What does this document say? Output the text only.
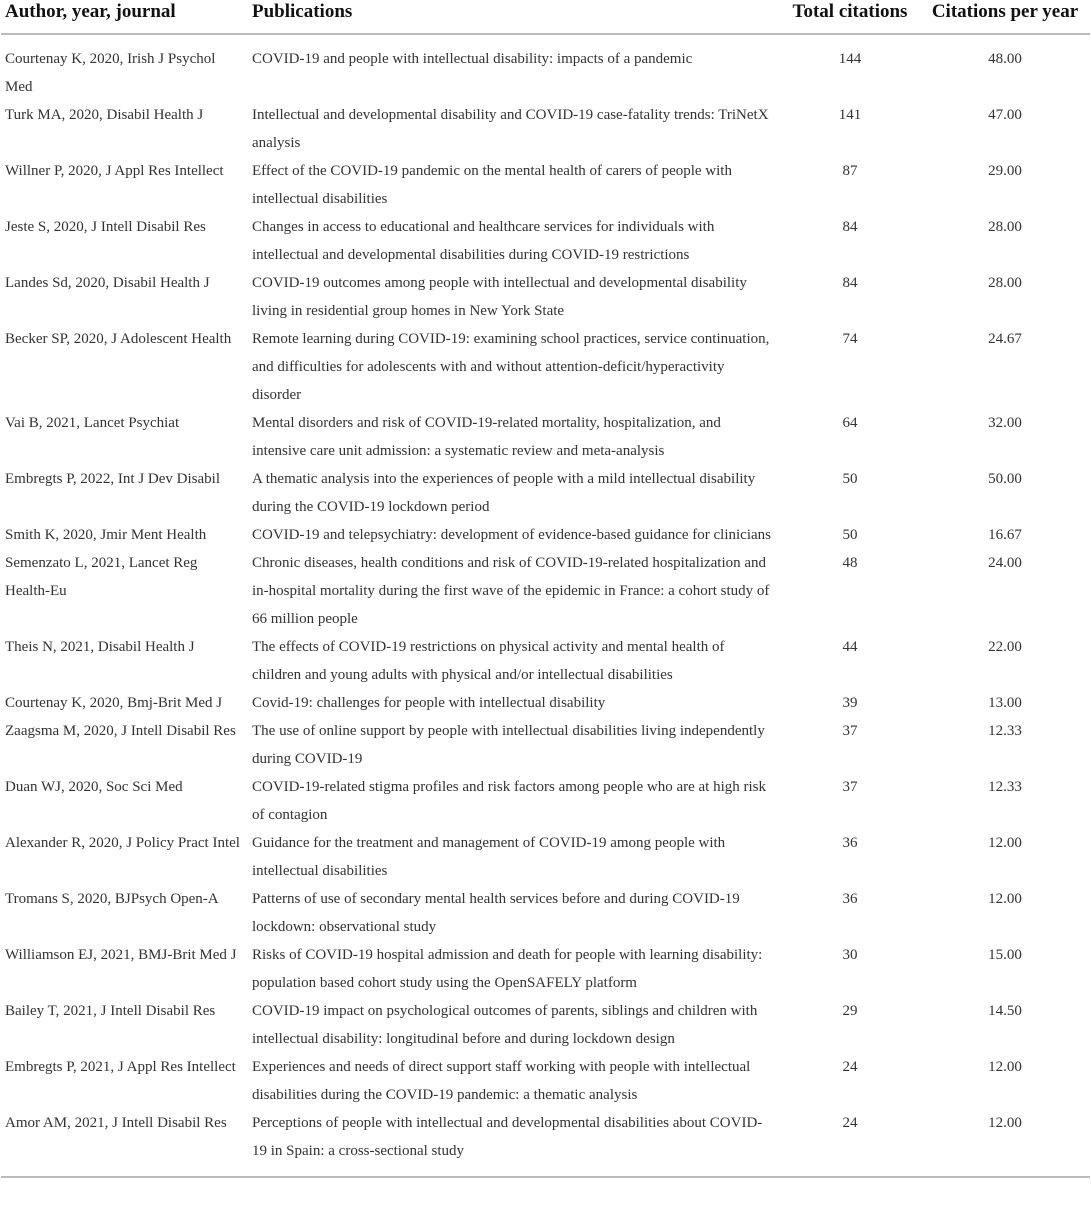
Author, year, journal	Publications	Total citations	Citations per year
Courtenay K, 2020, Irish J Psychol Med	COVID-19 and people with intellectual disability: impacts of a pandemic	144	48.00
Turk MA, 2020, Disabil Health J	Intellectual and developmental disability and COVID-19 case-fatality trends: TriNetX analysis	141	47.00
Willner P, 2020, J Appl Res Intellect	Effect of the COVID-19 pandemic on the mental health of carers of people with intellectual disabilities	87	29.00
Jeste S, 2020, J Intell Disabil Res	Changes in access to educational and healthcare services for individuals with intellectual and developmental disabilities during COVID-19 restrictions	84	28.00
Landes Sd, 2020, Disabil Health J	COVID-19 outcomes among people with intellectual and developmental disability living in residential group homes in New York State	84	28.00
Becker SP, 2020, J Adolescent Health	Remote learning during COVID-19: examining school practices, service continuation, and difficulties for adolescents with and without attention-deficit/hyperactivity disorder	74	24.67
Vai B, 2021, Lancet Psychiat	Mental disorders and risk of COVID-19-related mortality, hospitalization, and intensive care unit admission: a systematic review and meta-analysis	64	32.00
Embregts P, 2022, Int J Dev Disabil	A thematic analysis into the experiences of people with a mild intellectual disability during the COVID-19 lockdown period	50	50.00
Smith K, 2020, Jmir Ment Health	COVID-19 and telepsychiatry: development of evidence-based guidance for clinicians	50	16.67
Semenzato L, 2021, Lancet Reg Health-Eu	Chronic diseases, health conditions and risk of COVID-19-related hospitalization and in-hospital mortality during the first wave of the epidemic in France: a cohort study of 66 million people	48	24.00
Theis N, 2021, Disabil Health J	The effects of COVID-19 restrictions on physical activity and mental health of children and young adults with physical and/or intellectual disabilities	44	22.00
Courtenay K, 2020, Bmj-Brit Med J	Covid-19: challenges for people with intellectual disability	39	13.00
Zaagsma M, 2020, J Intell Disabil Res	The use of online support by people with intellectual disabilities living independently during COVID-19	37	12.33
Duan WJ, 2020, Soc Sci Med	COVID-19-related stigma profiles and risk factors among people who are at high risk of contagion	37	12.33
Alexander R, 2020, J Policy Pract Intel	Guidance for the treatment and management of COVID-19 among people with intellectual disabilities	36	12.00
Tromans S, 2020, BJPsych Open-A	Patterns of use of secondary mental health services before and during COVID-19 lockdown: observational study	36	12.00
Williamson EJ, 2021, BMJ-Brit Med J	Risks of COVID-19 hospital admission and death for people with learning disability: population based cohort study using the OpenSAFELY platform	30	15.00
Bailey T, 2021, J Intell Disabil Res	COVID-19 impact on psychological outcomes of parents, siblings and children with intellectual disability: longitudinal before and during lockdown design	29	14.50
Embregts P, 2021, J Appl Res Intellect	Experiences and needs of direct support staff working with people with intellectual disabilities during the COVID-19 pandemic: a thematic analysis	24	12.00
Amor AM, 2021, J Intell Disabil Res	Perceptions of people with intellectual and developmental disabilities about COVID-19 in Spain: a cross-sectional study	24	12.00
